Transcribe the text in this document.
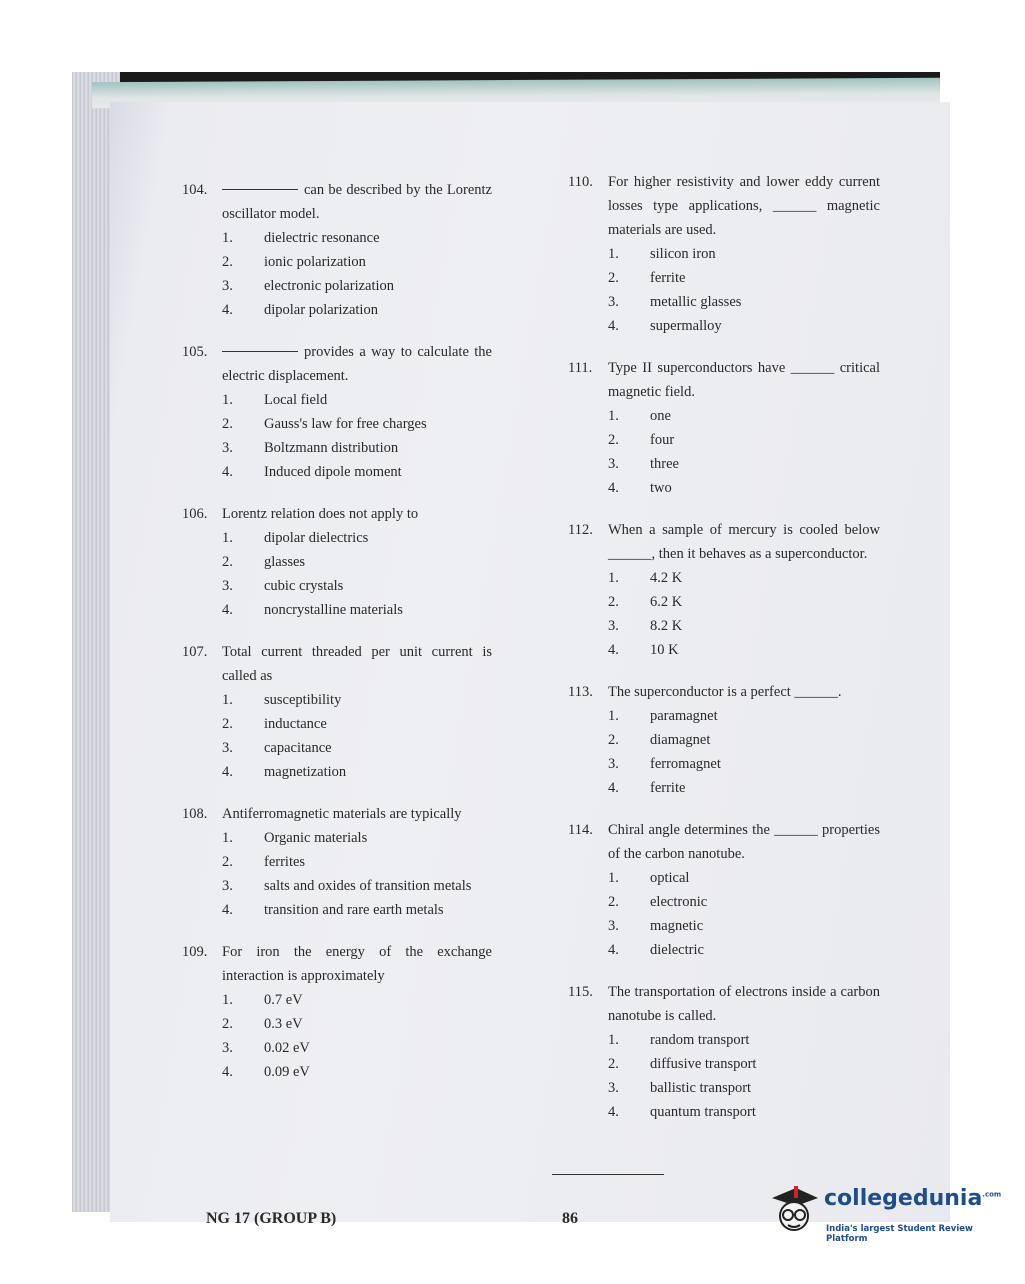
104.	can be described by the Lorentz oscillator model.
1.	dielectric resonance
2.	ionic polarization
3.	electronic polarization
4.	dipolar polarization
105.	provides a way to calculate the electric displacement.
1.	Local field
2.	Gauss's law for free charges
3.	Boltzmann distribution
4.	Induced dipole moment
106.	Lorentz relation does not apply to
1.	dipolar dielectrics
2.	glasses
3.	cubic crystals
4.	noncrystalline materials
107.	Total current threaded per unit current is called as
1.	susceptibility
2.	inductance
3.	capacitance
4.	magnetization
108.	Antiferromagnetic materials are typically
1.	Organic materials
2.	ferrites
3.	salts and oxides of transition metals
4.	transition and rare earth metals
109.	For iron the energy of the exchange interaction is approximately
1.	0.7 eV
2.	0.3 eV
3.	0.02 eV
4.	0.09 eV
110.	For higher resistivity and lower eddy current losses type applications, ______ magnetic materials are used.
1.	silicon iron
2.	ferrite
3.	metallic glasses
4.	supermalloy
111.	Type II superconductors have ______ critical magnetic field.
1.	one
2.	four
3.	three
4.	two
112.	When a sample of mercury is cooled below ______, then it behaves as a superconductor.
1.	4.2 K
2.	6.2 K
3.	8.2 K
4.	10 K
113.	The superconductor is a perfect ______.
1.	paramagnet
2.	diamagnet
3.	ferromagnet
4.	ferrite
114.	Chiral angle determines the ______ properties of the carbon nanotube.
1.	optical
2.	electronic
3.	magnetic
4.	dielectric
115.	The transportation of electrons inside a carbon nanotube is called.
1.	random transport
2.	diffusive transport
3.	ballistic transport
4.	quantum transport
NG 17 (GROUP B)	86
collegedunia$^{.com}$
India's largest Student Review Platform
